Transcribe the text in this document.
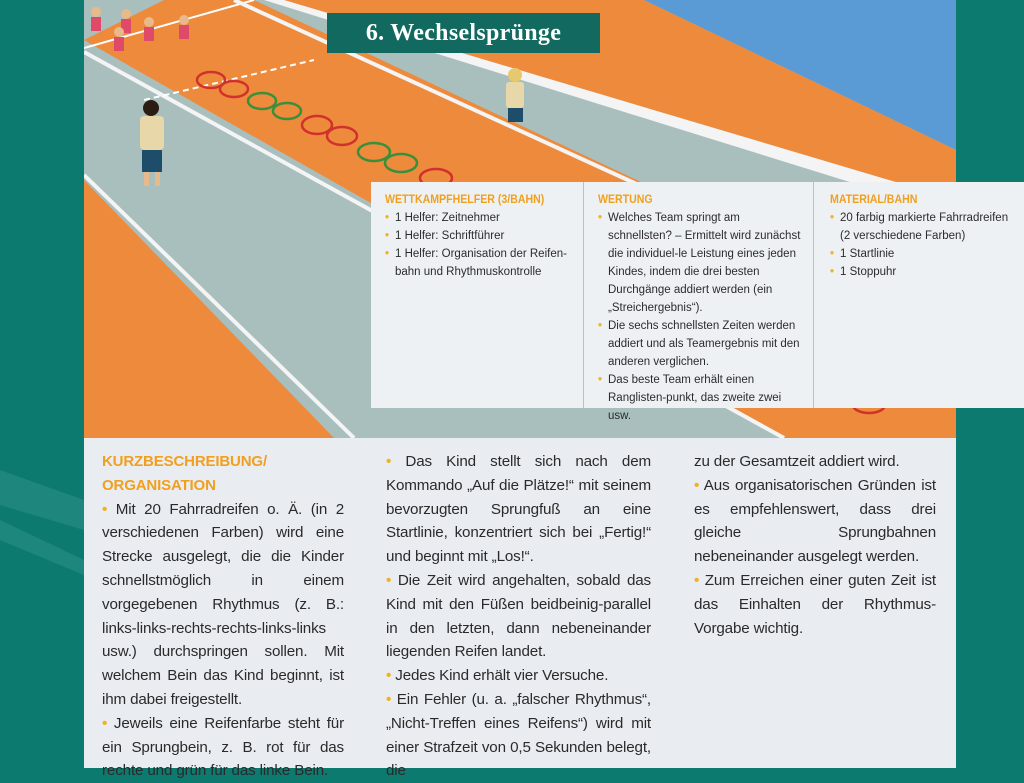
6. Wechselsprünge
WETTKAMPFHELFER (3/BAHN)
• 1 Helfer: Zeitnehmer
• 1 Helfer: Schriftführer
• 1 Helfer: Organisation der Reifen-bahn und Rhythmuskontrolle
WERTUNG
• Welches Team springt am schnellsten? – Ermittelt wird zunächst die individuel-le Leistung eines jeden Kindes, indem die drei besten Durchgänge addiert werden (ein „Streichergebnis“).
• Die sechs schnellsten Zeiten werden addiert und als Teamergebnis mit den anderen verglichen.
• Das beste Team erhält einen Ranglisten-punkt, das zweite zwei usw.
MATERIAL/BAHN
• 20 farbig markierte Fahrradreifen (2 verschiedene Farben)
• 1 Startlinie
• 1 Stoppuhr
KURZBESCHREIBUNG/
ORGANISATION

• Mit 20 Fahrradreifen o. Ä. (in 2 verschiedenen Farben) wird eine Strecke ausgelegt, die die Kinder schnellstmöglich in einem vorgegebenen Rhythmus (z. B.: links-links-rechts-rechts-links-links usw.) durchspringen sollen. Mit welchem Bein das Kind beginnt, ist ihm dabei freigestellt.

• Jeweils eine Reifenfarbe steht für ein Sprungbein, z. B. rot für das rechte und grün für das linke Bein.

• Das Kind stellt sich nach dem Kommando „Auf die Plätze!“ mit seinem bevorzugten Sprungfuß an eine Startlinie, konzentriert sich bei „Fertig!“ und beginnt mit „Los!“.

• Die Zeit wird angehalten, sobald das Kind mit den Füßen beidbeinig-parallel in den letzten, dann nebeneinander liegenden Reifen landet.

• Jedes Kind erhält vier Versuche.

• Ein Fehler (u. a. „falscher Rhythmus“, „Nicht-Treffen eines Reifens“) wird mit einer Strafzeit von 0,5 Sekunden belegt, die

zu der Gesamtzeit addiert wird.

• Aus organisatorischen Gründen ist es empfehlenswert, dass drei gleiche Sprungbahnen nebeneinander ausgelegt werden.

• Zum Erreichen einer guten Zeit ist das Einhalten der Rhythmus-Vorgabe wichtig.
